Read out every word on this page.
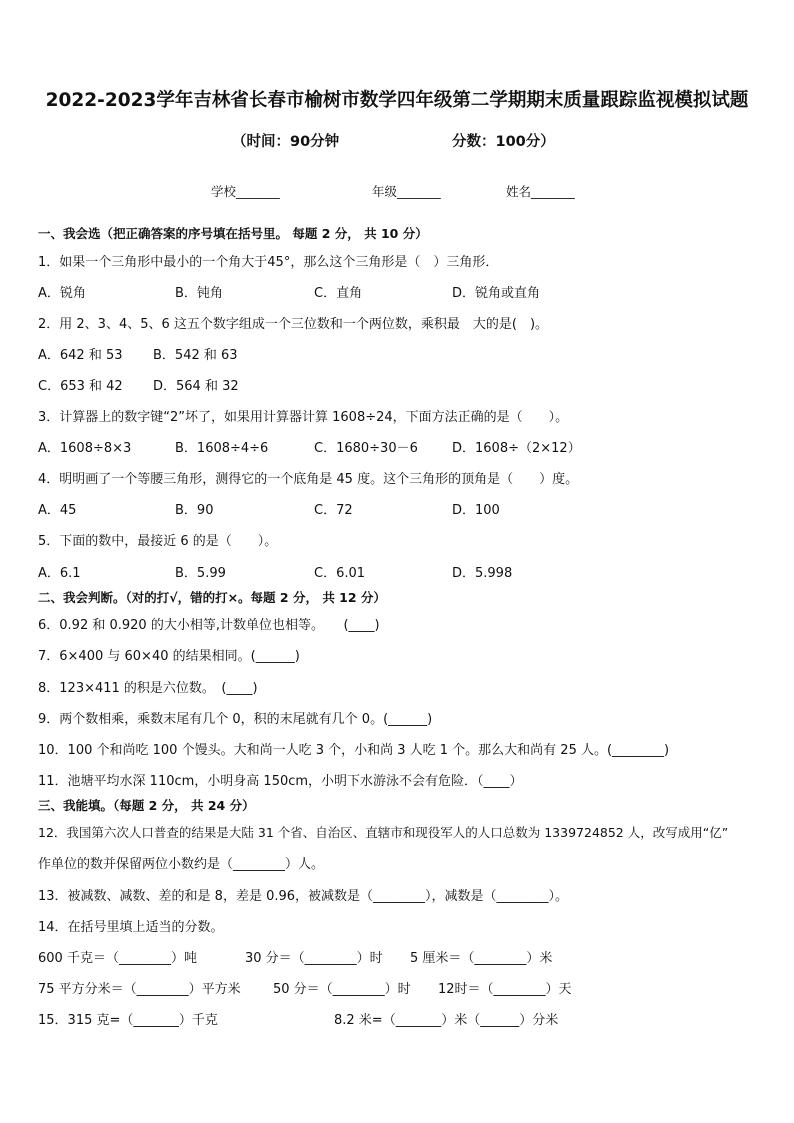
2022-2023学年吉林省长春市榆树市数学四年级第二学期期末质量跟踪监视模拟试题
（时间：90分钟	分数：100分）
学校_______	年级_______	姓名_______
一、我会选（把正确答案的序号填在括号里。 每题 2 分， 共 10 分）
1．如果一个三角形中最小的一个角大于45°，那么这个三角形是（　）三角形．
A．锐角	B．钝角	C．直角	D．锐角或直角
2．用 2、3、4、5、6 这五个数字组成一个三位数和一个两位数，乘积最　大的是(　)。
A．642 和 53 B．542 和 63
C．653 和 42 D．564 和 32
3．计算器上的数字键“2”坏了，如果用计算器计算 1608÷24，下面方法正确的是（　　）。
A．1608÷8×3	B．1608÷4÷6	C．1680÷30－6	D．1608÷（2×12）
4．明明画了一个等腰三角形，测得它的一个底角是 45 度。这个三角形的顶角是（　　）度。
A．45	B．90	C．72	D．100
5．下面的数中，最接近 6 的是（　　）。
A．6.1	B．5.99	C．6.01	D．5.998
二、我会判断。（对的打√，错的打×。每题 2 分， 共 12 分）
6．0.92 和 0.920 的大小相等,计数单位也相等。　　(____)
7．6×400 与 60×40 的结果相同。(______)
8．123×411 的积是六位数。　(____)
9．两个数相乘，乘数末尾有几个 0，积的末尾就有几个 0。(______)
10．100 个和尚吃 100 个馒头。大和尚一人吃 3 个，小和尚 3 人吃 1 个。那么大和尚有 25 人。(________)
11．池塘平均水深 110cm，小明身高 150cm，小明下水游泳不会有危险．（____）
三、我能填。（每题 2 分， 共 24 分）
12．我国第六次人口普查的结果是大陆 31 个省、自治区、直辖市和现役军人的人口总数为 1339724852 人，改写成用“亿”
作单位的数并保留两位小数约是（________）人。
13．被减数、减数、差的和是 8，差是 0.96，被减数是（________），减数是（________）。
14．在括号里填上适当的分数。
600 千克＝（________）吨	30 分＝（________）时 5 厘米＝（________）米
75 平方分米＝（________）平方米 50 分＝（________）时 12时＝（________）天
15．315 克=（_______）千克	8.2 米=（_______）米（______）分米
